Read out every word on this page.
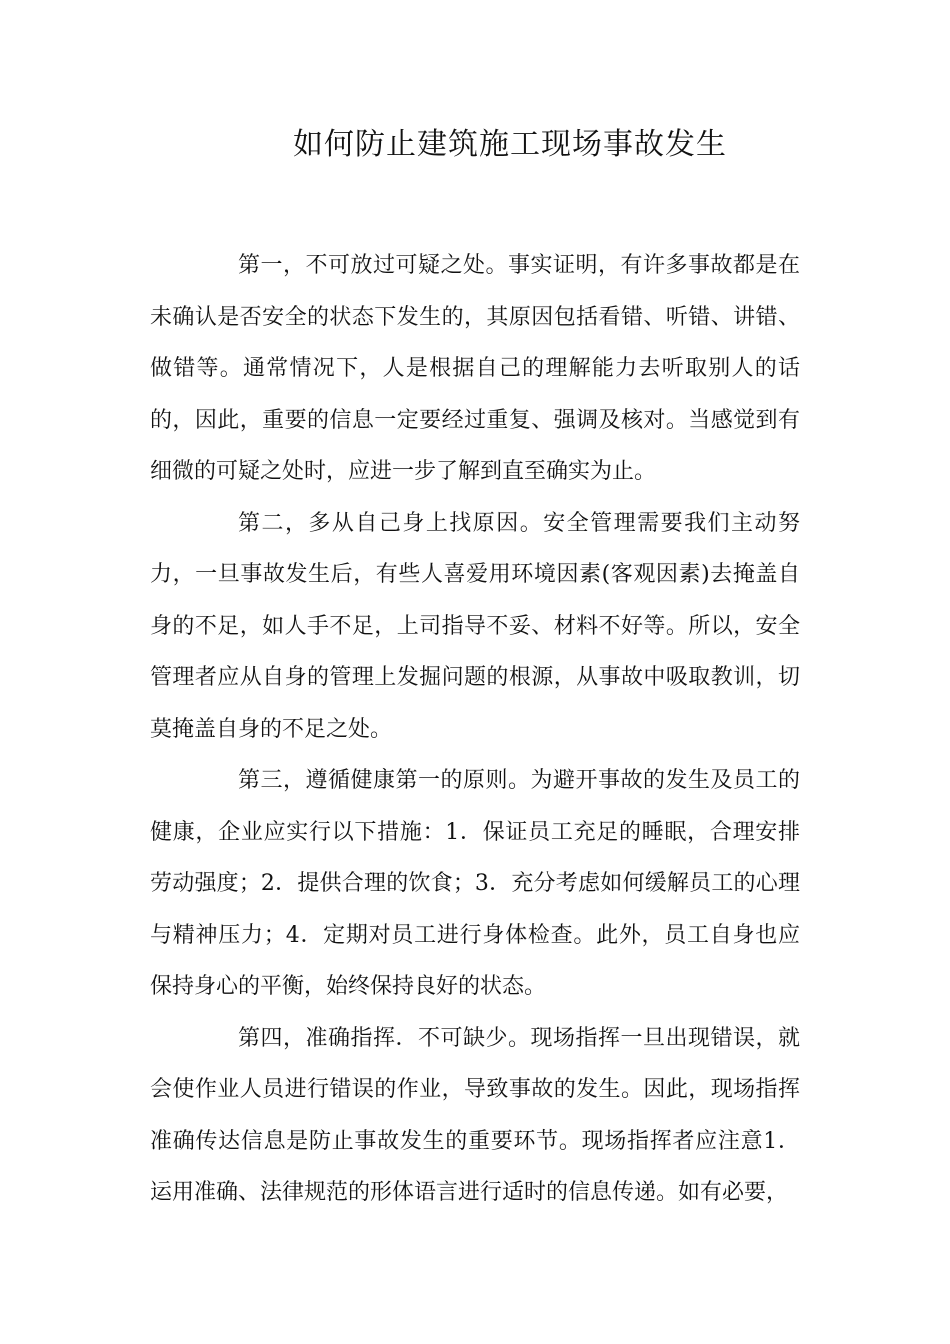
如何防止建筑施工现场事故发生

第一，不可放过可疑之处。事实证明，有许多事故都是在未确认是否安全的状态下发生的，其原因包括看错、听错、讲错、做错等。通常情况下，人是根据自己的理解能力去听取别人的话的，因此，重要的信息一定要经过重复、强调及核对。当感觉到有细微的可疑之处时，应进一步了解到直至确实为止。

第二，多从自己身上找原因。安全管理需要我们主动努力，一旦事故发生后，有些人喜爱用环境因素(客观因素)去掩盖自身的不足，如人手不足，上司指导不妥、材料不好等。所以，安全管理者应从自身的管理上发掘问题的根源，从事故中吸取教训，切莫掩盖自身的不足之处。

第三，遵循健康第一的原则。为避开事故的发生及员工的健康，企业应实行以下措施：1．保证员工充足的睡眠，合理安排劳动强度；2．提供合理的饮食；3．充分考虑如何缓解员工的心理与精神压力；4．定期对员工进行身体检查。此外，员工自身也应保持身心的平衡，始终保持良好的状态。

第四，准确指挥．不可缺少。现场指挥一旦出现错误，就会使作业人员进行错误的作业，导致事故的发生。因此，现场指挥准确传达信息是防止事故发生的重要环节。现场指挥者应注意1．运用准确、法律规范的形体语言进行适时的信息传递。如有必要，
